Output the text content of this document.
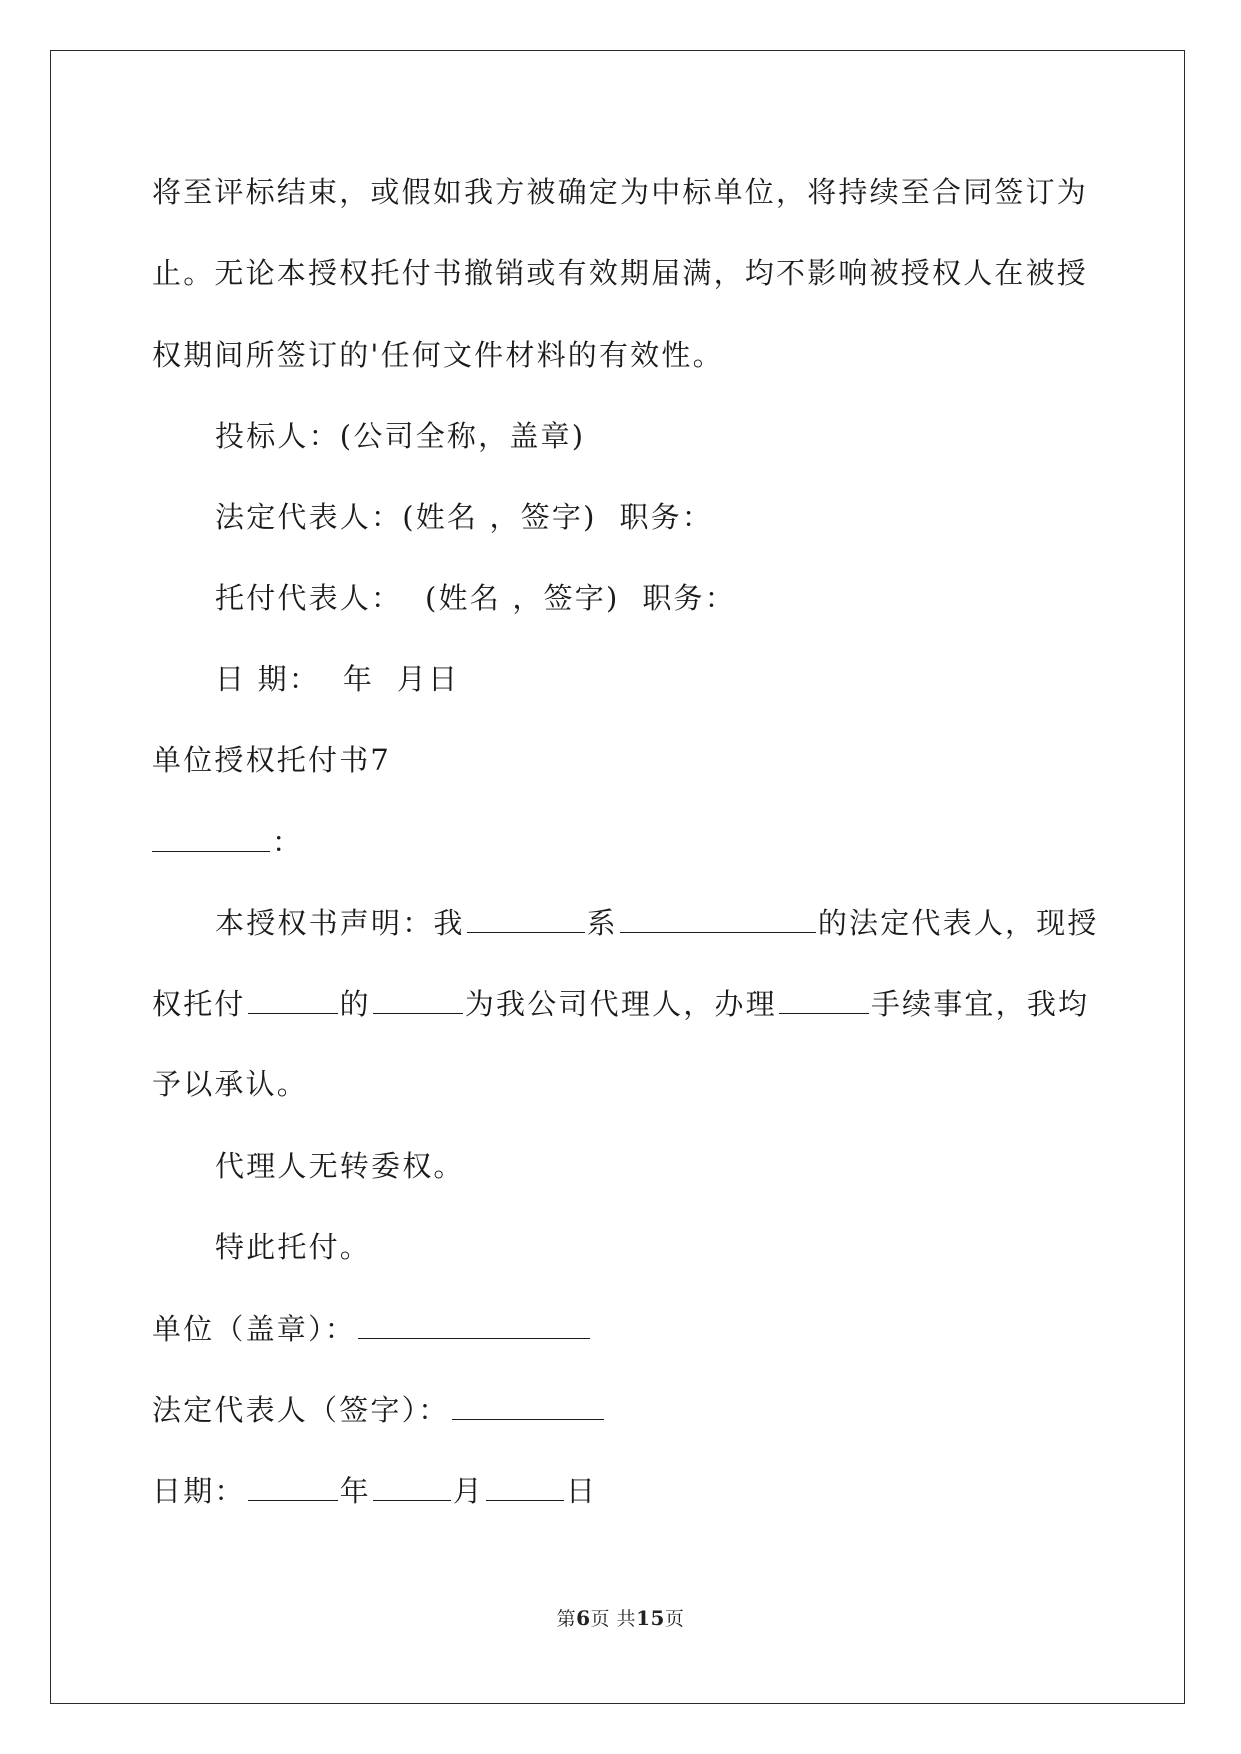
将至评标结束，或假如我方被确定为中标单位，将持续至合同签订为
止。无论本授权托付书撤销或有效期届满，均不影响被授权人在被授
权期间所签订的'任何文件材料的有效性。
投标人：(公司全称，盖章)
法定代表人：(姓名 ，签字)  职务：
托付代表人：  (姓名 ，签字)  职务：
日 期：  年  月日
单位授权托付书7
：
本授权书声明：我	系	的法定代表人，现授
权托付	的	为我公司代理人，办理	手续事宜，我均
予以承认。
代理人无转委权。
特此托付。
单位（盖章）：
法定代表人（签字）：
日期：	年	月	日
第6页 共15页
